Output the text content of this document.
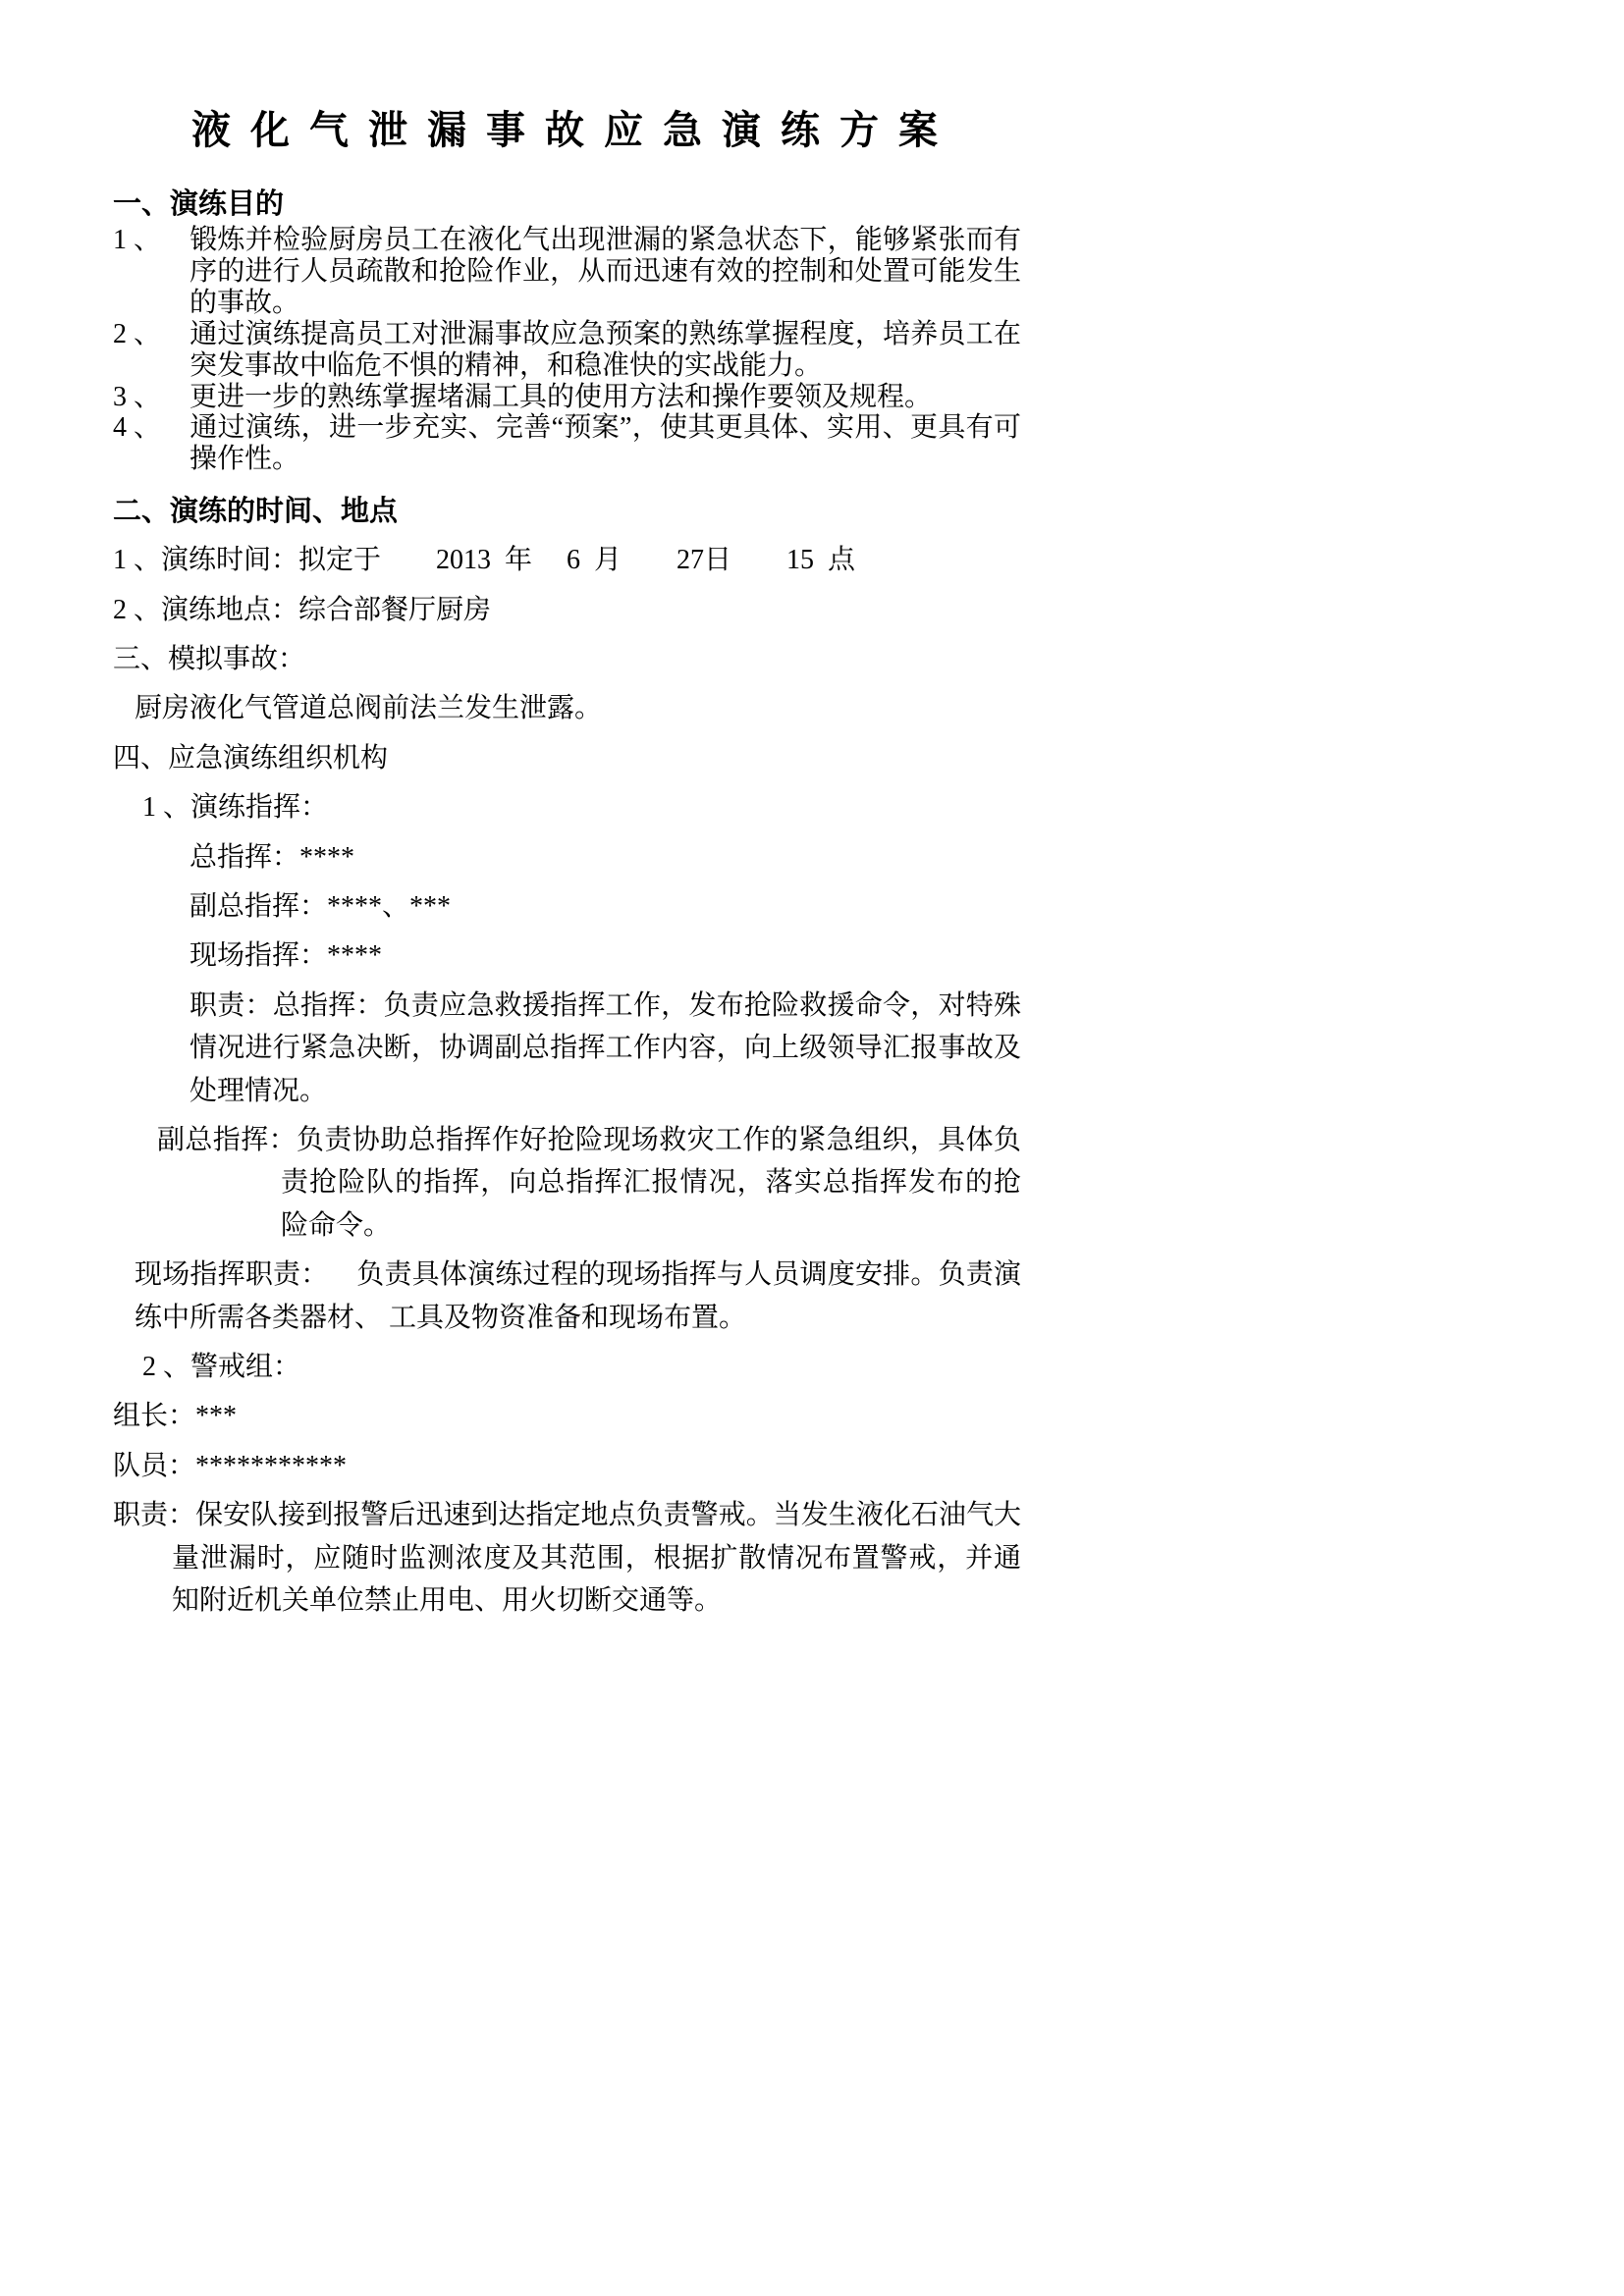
液 化 气 泄 漏 事 故 应 急 演 练 方 案

一、演练目的

1 、 锻炼并检验厨房员工在液化气出现泄漏的紧急状态下，能够紧张而有序的进行人员疏散和抢险作业，从而迅速有效的控制和处置可能发生的事故。

2 、 通过演练提高员工对泄漏事故应急预案的熟练掌握程度，培养员工在突发事故中临危不惧的精神，和稳准快的实战能力。

3 、 更进一步的熟练掌握堵漏工具的使用方法和操作要领及规程。

4 、 通过演练，进一步充实、完善“预案”，使其更具体、实用、更具有可操作性。

二、演练的时间、地点

1 、演练时间：拟定于        2013  年     6  月        27日        15  点

2 、演练地点：综合部餐厅厨房

三、模拟事故：

厨房液化气管道总阀前法兰发生泄露。

四、应急演练组织机构

1 、演练指挥：

总指挥：****

副总指挥：****、***

现场指挥：****

职责：总指挥：负责应急救援指挥工作，发布抢险救援命令，对特殊情况进行紧急决断，协调副总指挥工作内容，向上级领导汇报事故及处理情况。

副总指挥：负责协助总指挥作好抢险现场救灾工作的紧急组织，具体负责抢险队的指挥，向总指挥汇报情况，落实总指挥发布的抢险命令。

现场指挥职责：    负责具体演练过程的现场指挥与人员调度安排。负责演练中所需各类器材、 工具及物资准备和现场布置。

2 、警戒组：

组长：***

队员：***********

职责：保安队接到报警后迅速到达指定地点负责警戒。当发生液化石油气大量泄漏时，应随时监测浓度及其范围，根据扩散情况布置警戒，并通知附近机关单位禁止用电、用火切断交通等。
